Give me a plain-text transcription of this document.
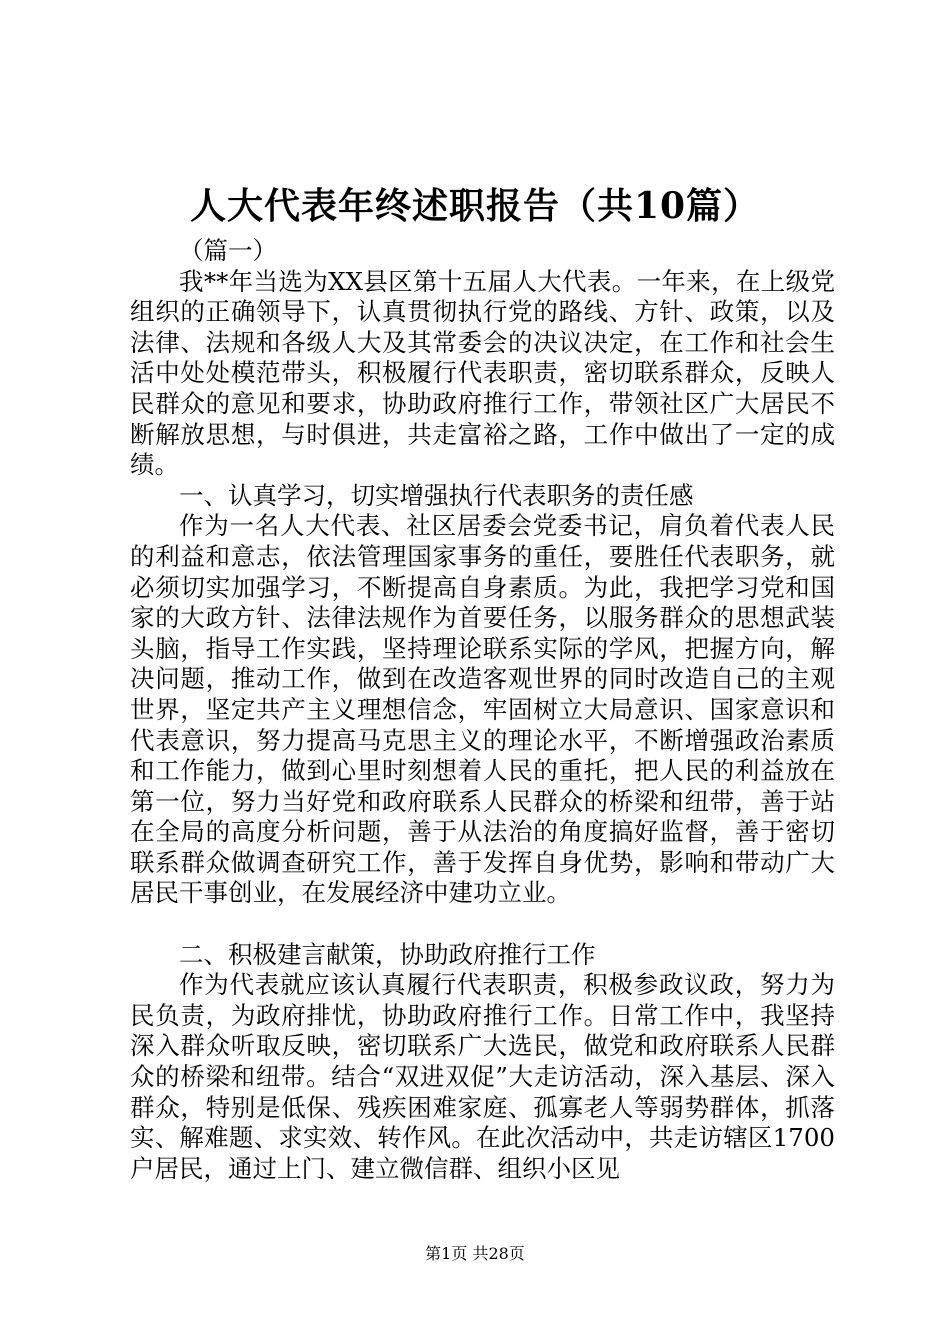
人大代表年终述职报告（共10篇）

（篇一）

我**年当选为XX县区第十五届人大代表。一年来，在上级党组织的正确领导下，认真贯彻执行党的路线、方针、政策，以及法律、法规和各级人大及其常委会的决议决定，在工作和社会生活中处处模范带头，积极履行代表职责，密切联系群众，反映人民群众的意见和要求，协助政府推行工作，带领社区广大居民不断解放思想，与时俱进，共走富裕之路，工作中做出了一定的成绩。

一、认真学习，切实增强执行代表职务的责任感

作为一名人大代表、社区居委会党委书记，肩负着代表人民的利益和意志，依法管理国家事务的重任，要胜任代表职务，就必须切实加强学习，不断提高自身素质。为此，我把学习党和国家的大政方针、法律法规作为首要任务，以服务群众的思想武装头脑，指导工作实践，坚持理论联系实际的学风，把握方向，解决问题，推动工作，做到在改造客观世界的同时改造自己的主观世界，坚定共产主义理想信念，牢固树立大局意识、国家意识和代表意识，努力提高马克思主义的理论水平，不断增强政治素质和工作能力，做到心里时刻想着人民的重托，把人民的利益放在第一位，努力当好党和政府联系人民群众的桥梁和纽带，善于站在全局的高度分析问题，善于从法治的角度搞好监督，善于密切联系群众做调查研究工作，善于发挥自身优势，影响和带动广大居民干事创业，在发展经济中建功立业。

二、积极建言献策，协助政府推行工作

作为代表就应该认真履行代表职责，积极参政议政，努力为民负责，为政府排忧，协助政府推行工作。日常工作中，我坚持深入群众听取反映，密切联系广大选民，做党和政府联系人民群众的桥梁和纽带。结合“双进双促”大走访活动，深入基层、深入群众，特别是低保、残疾困难家庭、孤寡老人等弱势群体，抓落实、解难题、求实效、转作风。在此次活动中，共走访辖区1700户居民，通过上门、建立微信群、组织小区见

第1页 共28页
